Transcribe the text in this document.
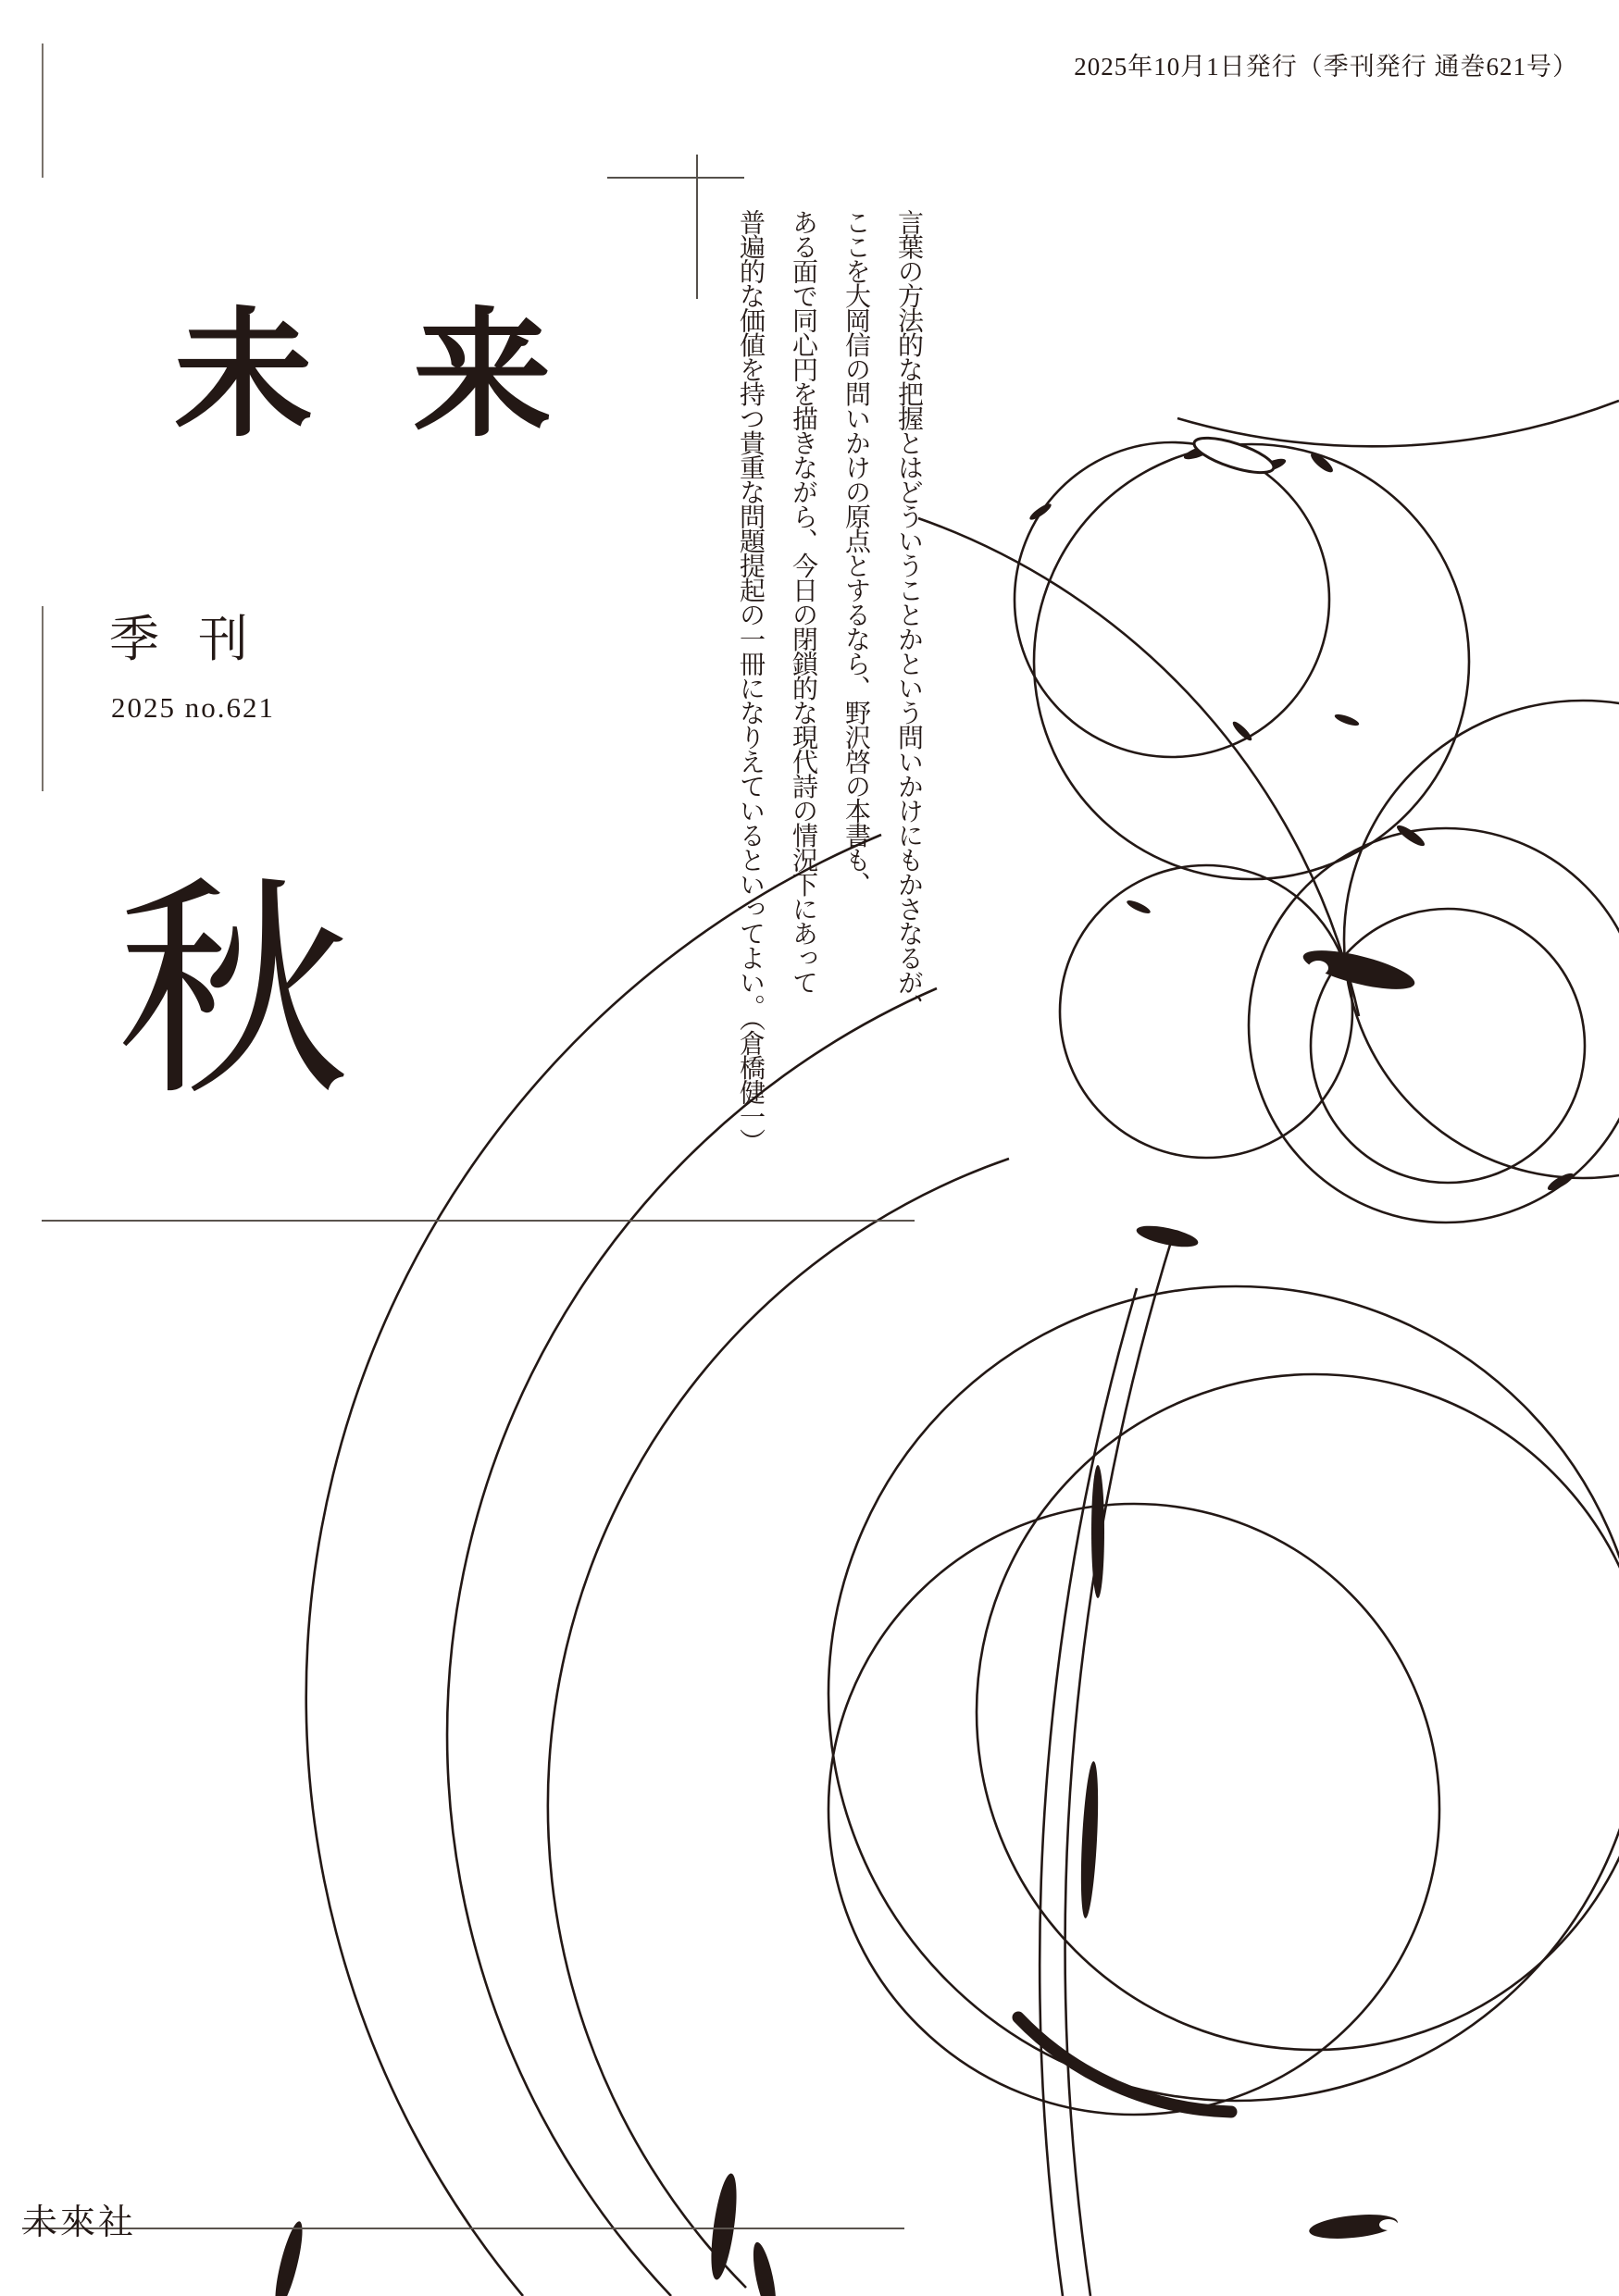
2025年10月1日発行（季刊発行 通巻621号）
未来
季刊
2025 no.621
秋	言葉の方法的な把握とはどういうことかという問いかけにもかさなるが、

ここを大岡信の問いかけの原点とするなら、野沢啓の本書も、

ある面で同心円を描きながら、今日の閉鎖的な現代詩の情況下にあって

普遍的な価値を持つ貴重な問題提起の一冊になりえているといってよい。（倉橋健一）

未來社
